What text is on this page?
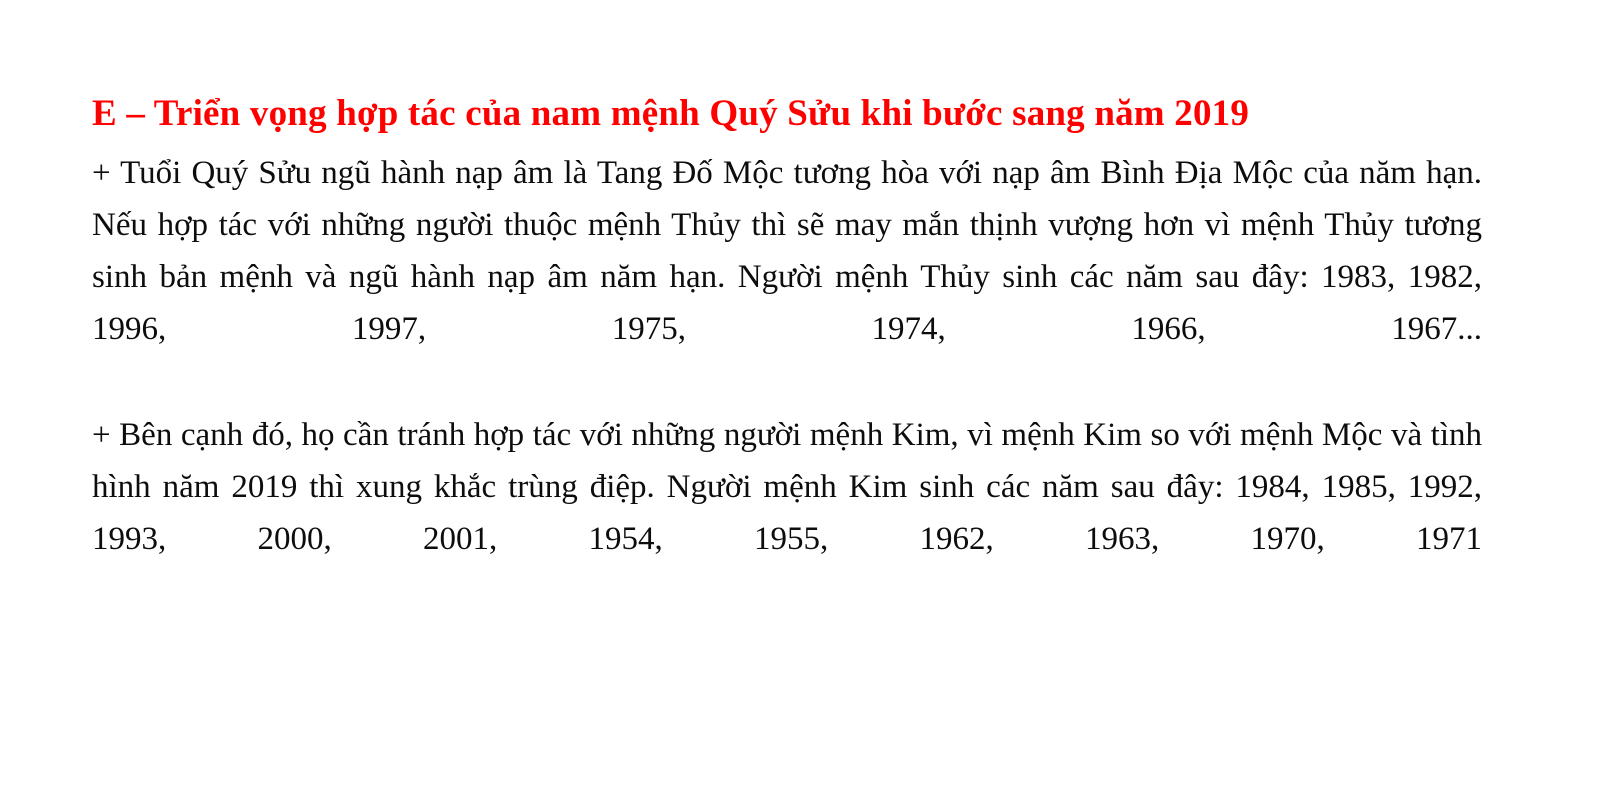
E – Triển vọng hợp tác của nam mệnh Quý Sửu khi bước sang năm 2019

+ Tuổi Quý Sửu ngũ hành nạp âm là Tang Đố Mộc tương hòa với nạp âm Bình Địa Mộc của năm hạn. Nếu hợp tác với những người thuộc mệnh Thủy thì sẽ may mắn thịnh vượng hơn vì mệnh Thủy tương sinh bản mệnh và ngũ hành nạp âm năm hạn. Người mệnh Thủy sinh các năm sau đây: 1983, 1982, 1996, 1997, 1975, 1974, 1966, 1967...

+ Bên cạnh đó, họ cần tránh hợp tác với những người mệnh Kim, vì mệnh Kim so với mệnh Mộc và tình hình năm 2019 thì xung khắc trùng điệp. Người mệnh Kim sinh các năm sau đây: 1984, 1985, 1992, 1993, 2000, 2001, 1954, 1955, 1962, 1963, 1970, 1971
